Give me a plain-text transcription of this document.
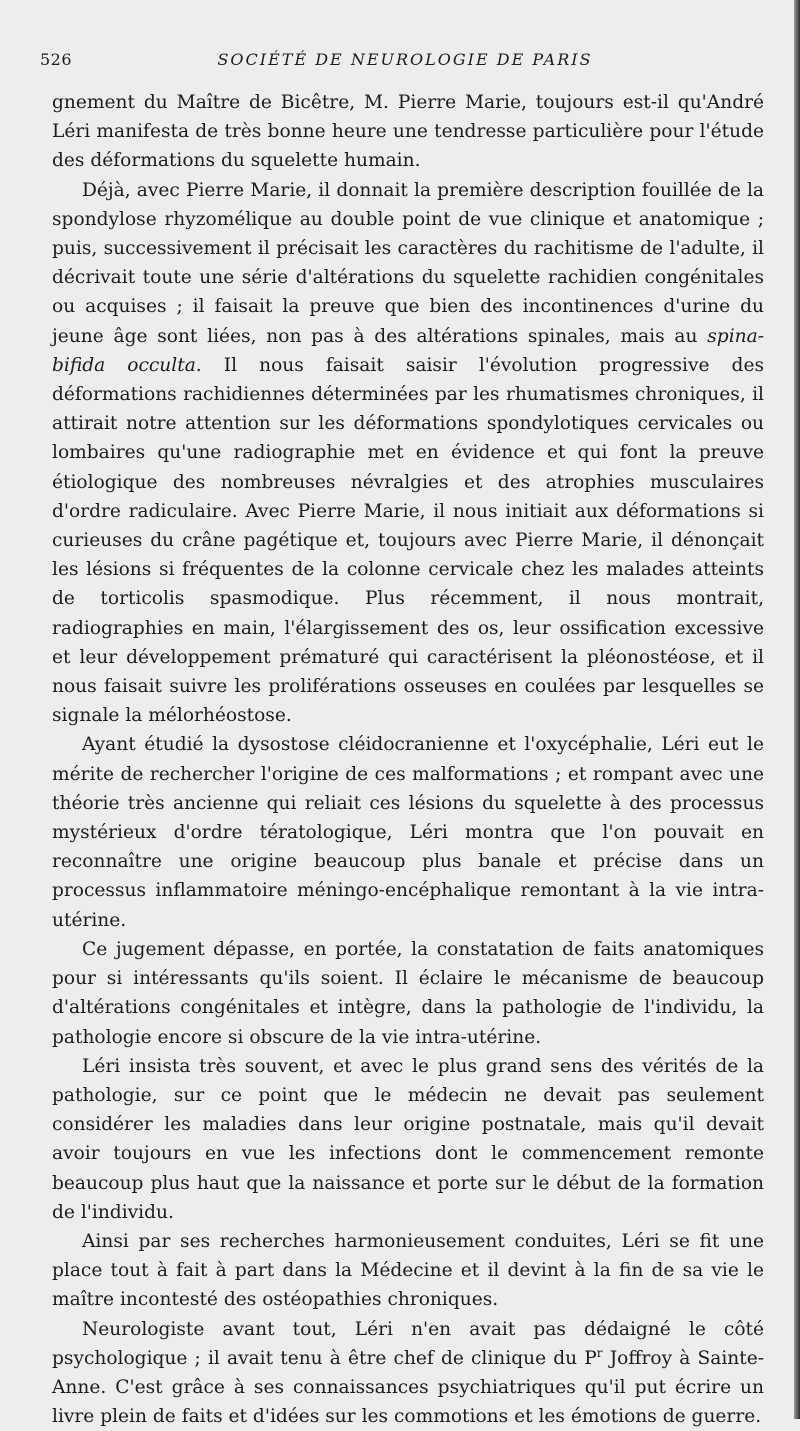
526	SOCIÉTÉ DE NEUROLOGIE DE PARIS

gnement du Maître de Bicêtre, M. Pierre Marie, toujours est-il qu'André Léri manifesta de très bonne heure une tendresse particulière pour l'étude des déformations du squelette humain.

Déjà, avec Pierre Marie, il donnait la première description fouillée de la spondylose rhyzomélique au double point de vue clinique et anatomique ; puis, successivement il précisait les caractères du rachitisme de l'adulte, il décrivait toute une série d'altérations du squelette rachidien congénitales ou acquises ; il faisait la preuve que bien des incontinences d'urine du jeune âge sont liées, non pas à des altérations spinales, mais au spina-bifida occulta. Il nous faisait saisir l'évolution progressive des déformations rachidiennes déterminées par les rhumatismes chroniques, il attirait notre attention sur les déformations spondylotiques cervicales ou lombaires qu'une radiographie met en évidence et qui font la preuve étiologique des nombreuses névralgies et des atrophies musculaires d'ordre radiculaire. Avec Pierre Marie, il nous initiait aux déformations si curieuses du crâne pagétique et, toujours avec Pierre Marie, il dénonçait les lésions si fréquentes de la colonne cervicale chez les malades atteints de torticolis spasmodique. Plus récemment, il nous montrait, radiographies en main, l'élargissement des os, leur ossification excessive et leur développement prématuré qui caractérisent la pléonostéose, et il nous faisait suivre les proliférations osseuses en coulées par lesquelles se signale la mélorhéostose.

Ayant étudié la dysostose cléidocranienne et l'oxycéphalie, Léri eut le mérite de rechercher l'origine de ces malformations ; et rompant avec une théorie très ancienne qui reliait ces lésions du squelette à des processus mystérieux d'ordre tératologique, Léri montra que l'on pouvait en reconnaître une origine beaucoup plus banale et précise dans un processus inflammatoire méningo-encéphalique remontant à la vie intra-utérine.

Ce jugement dépasse, en portée, la constatation de faits anatomiques pour si intéressants qu'ils soient. Il éclaire le mécanisme de beaucoup d'altérations congénitales et intègre, dans la pathologie de l'individu, la pathologie encore si obscure de la vie intra-utérine.

Léri insista très souvent, et avec le plus grand sens des vérités de la pathologie, sur ce point que le médecin ne devait pas seulement considérer les maladies dans leur origine postnatale, mais qu'il devait avoir toujours en vue les infections dont le commencement remonte beaucoup plus haut que la naissance et porte sur le début de la formation de l'individu.

Ainsi par ses recherches harmonieusement conduites, Léri se fit une place tout à fait à part dans la Médecine et il devint à la fin de sa vie le maître incontesté des ostéopathies chroniques.

Neurologiste avant tout, Léri n'en avait pas dédaigné le côté psychologique ; il avait tenu à être chef de clinique du $P^r$ Joffroy à Sainte-Anne. C'est grâce à ses connaissances psychiatriques qu'il put écrire un livre plein de faits et d'idées sur les commotions et les émotions de guerre.
